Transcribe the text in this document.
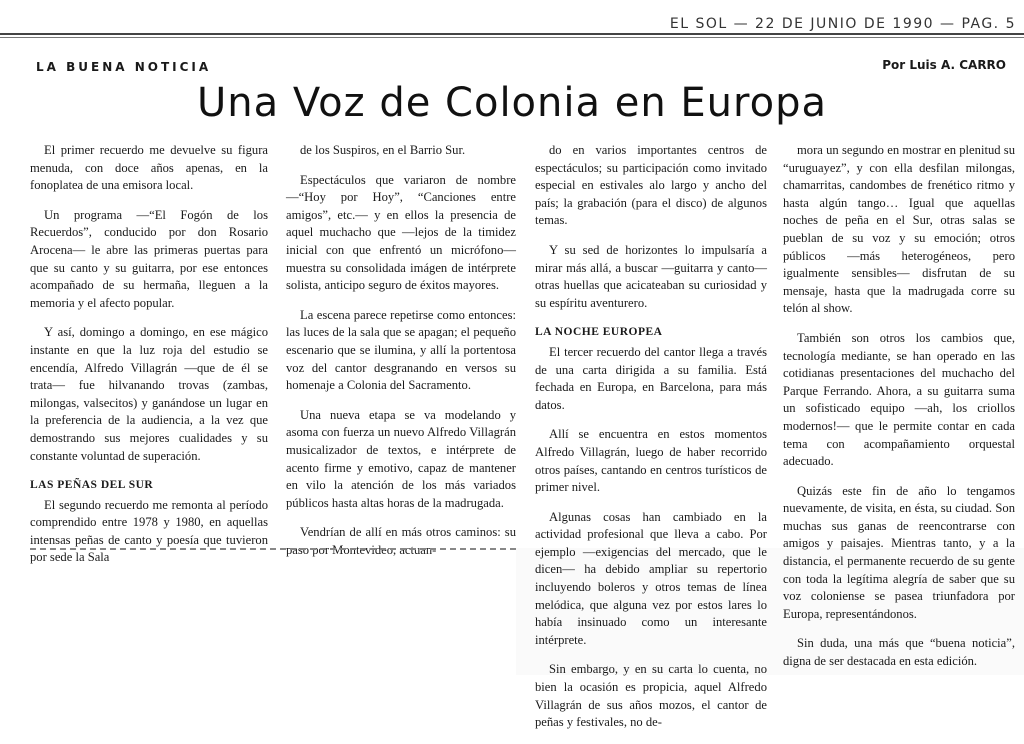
EL SOL — 22 DE JUNIO DE 1990 — PAG. 5
LA BUENA NOTICIA	Por Luis A. CARRO
Una Voz de Colonia en Europa

El primer recuerdo me devuelve su figura menuda, con doce años apenas, en la fonoplatea de una emisora local.

Un programa —“El Fogón de los Recuerdos”, conducido por don Rosario Arocena— le abre las primeras puertas para que su canto y su guitarra, por ese entonces acompañado de su hermaña, lleguen a la memoria y el afecto popular.

Y así, domingo a domingo, en ese mágico instante en que la luz roja del estudio se encendía, Alfredo Villagrán —que de él se trata— fue hilvanando trovas (zambas, milongas, valsecitos) y ganándose un lugar en la preferencia de la audiencia, a la vez que demostrando sus mejores cualidades y su constante voluntad de superación.

LAS PEÑAS DEL SUR

El segundo recuerdo me remonta al período comprendido entre 1978 y 1980, en aquellas intensas peñas de canto y poesía que tuvieron por sede la Sala

de los Suspiros, en el Barrio Sur.

Espectáculos que variaron de nombre —“Hoy por Hoy”, “Canciones entre amigos”, etc.— y en ellos la presencia de aquel muchacho que —lejos de la timidez inicial con que enfrentó un micrófono— muestra su consolidada imágen de intérprete solista, anticipo seguro de éxitos mayores.

La escena parece repetirse como entonces: las luces de la sala que se apagan; el pequeño escenario que se ilumina, y allí la portentosa voz del cantor desgranando en versos su homenaje a Colonia del Sacramento.

Una nueva etapa se va modelando y asoma con fuerza un nuevo Alfredo Villagrán musicalizador de textos, e intérprete de acento firme y emotivo, capaz de mantener en vilo la atención de los más variados públicos hasta altas horas de la madrugada.

Vendrían de allí en más otros caminos: su paso por Montevideo, actuan-

do en varios importantes centros de espectáculos; su participación como invitado especial en estivales alo largo y ancho del país; la grabación (para el disco) de algunos temas.

Y su sed de horizontes lo impulsaría a mirar más allá, a buscar —guitarra y canto— otras huellas que acicateaban su curiosidad y su espíritu aventurero.

LA NOCHE EUROPEA

El tercer recuerdo del cantor llega a través de una carta dirigida a su familia. Está fechada en Europa, en Barcelona, para más datos.

Allí se encuentra en estos momentos Alfredo Villagrán, luego de haber recorrido otros países, cantando en centros turísticos de primer nivel.

Algunas cosas han cambiado en la actividad profesional que lleva a cabo. Por ejemplo —exigencias del mercado, que le dicen— ha debido ampliar su repertorio incluyendo boleros y otros temas de línea melódica, que alguna vez por estos lares lo había insinuado como un interesante intérprete.

Sin embargo, y en su carta lo cuenta, no bien la ocasión es propicia, aquel Alfredo Villagrán de sus años mozos, el cantor de peñas y festivales, no de-

mora un segundo en mostrar en plenitud su “uruguayez”, y con ella desfilan milongas, chamarritas, candombes de frenético ritmo y hasta algún tango… Igual que aquellas noches de peña en el Sur, otras salas se pueblan de su voz y su emoción; otros públicos —más heterogéneos, pero igualmente sensibles— disfrutan de su mensaje, hasta que la madrugada corre su telón al show.

También son otros los cambios que, tecnología mediante, se han operado en las cotidianas presentaciones del muchacho del Parque Ferrando. Ahora, a su guitarra suma un sofisticado equipo —ah, los criollos modernos!— que le permite contar en cada tema con acompañamiento orquestal adecuado.

Quizás este fin de año lo tengamos nuevamente, de visita, en ésta, su ciudad. Son muchas sus ganas de reencontrarse con amigos y paisajes. Mientras tanto, y a la distancia, el permanente recuerdo de su gente con toda la legítima alegría de saber que su voz coloniense se pasea triunfadora por Europa, representándonos.

Sin duda, una más que “buena noticia”, digna de ser destacada en esta edición.
